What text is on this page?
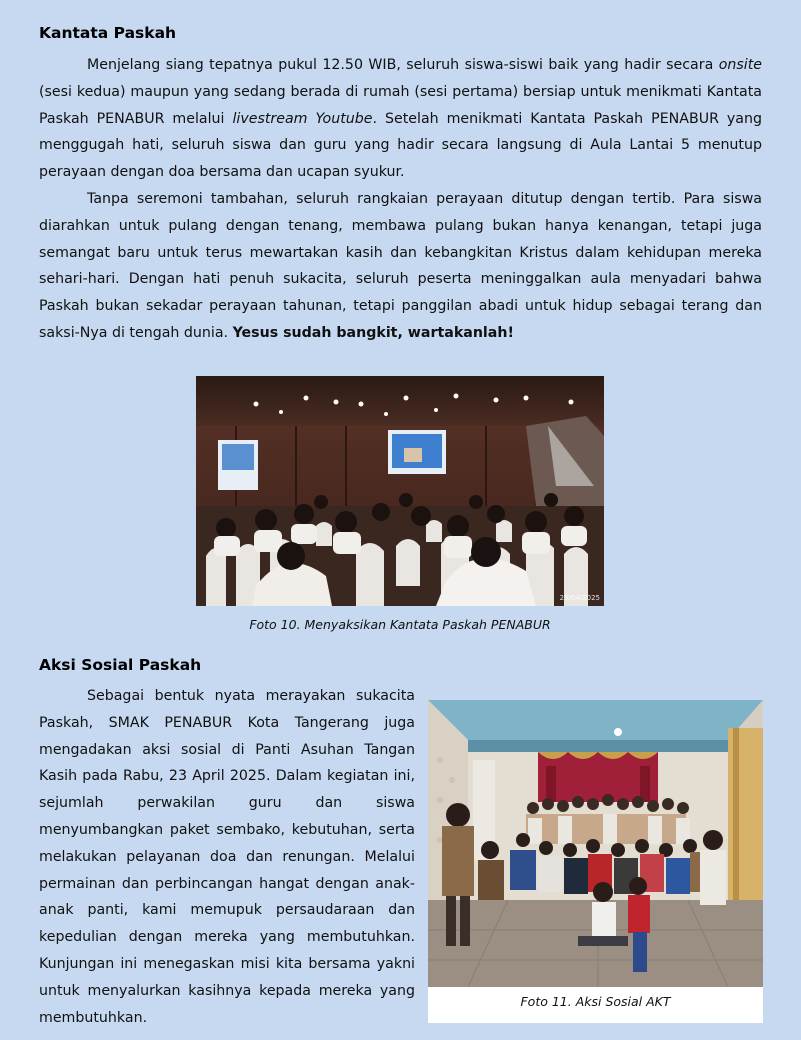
Kantata Paskah

Menjelang siang tepatnya pukul 12.50 WIB, seluruh siswa-siswi baik yang hadir secara onsite (sesi kedua) maupun yang sedang berada di rumah (sesi pertama) bersiap untuk menikmati Kantata Paskah PENABUR melalui livestream Youtube. Setelah menikmati Kantata Paskah PENABUR yang menggugah hati, seluruh siswa dan guru yang hadir secara langsung di Aula Lantai 5 menutup perayaan dengan doa bersama dan ucapan syukur.

Tanpa seremoni tambahan, seluruh rangkaian perayaan ditutup dengan tertib. Para siswa diarahkan untuk pulang dengan tenang, membawa pulang bukan hanya kenangan, tetapi juga semangat baru untuk terus mewartakan kasih dan kebangkitan Kristus dalam kehidupan mereka sehari-hari. Dengan hati penuh sukacita, seluruh peserta meninggalkan aula menyadari bahwa Paskah bukan sekadar perayaan tahunan, tetapi panggilan abadi untuk hidup sebagai terang dan saksi-Nya di tengah dunia. Yesus sudah bangkit, wartakanlah!

25/04/2025

Foto 10. Menyaksikan Kantata Paskah PENABUR

Aksi Sosial Paskah

Sebagai bentuk nyata merayakan sukacita Paskah, SMAK PENABUR Kota Tangerang juga mengadakan aksi sosial di Panti Asuhan Tangan Kasih pada Rabu, 23 April 2025. Dalam kegiatan ini, sejumlah perwakilan guru dan siswa menyumbangkan paket sembako, kebutuhan, serta melakukan pelayanan doa dan renungan. Melalui permainan dan perbincangan hangat dengan anak-anak panti, kami memupuk persaudaraan dan kepedulian dengan mereka yang membutuhkan. Kunjungan ini menegaskan misi kita bersama yakni untuk menyalurkan kasihnya kepada mereka yang membutuhkan.

Foto 11. Aksi Sosial AKT
